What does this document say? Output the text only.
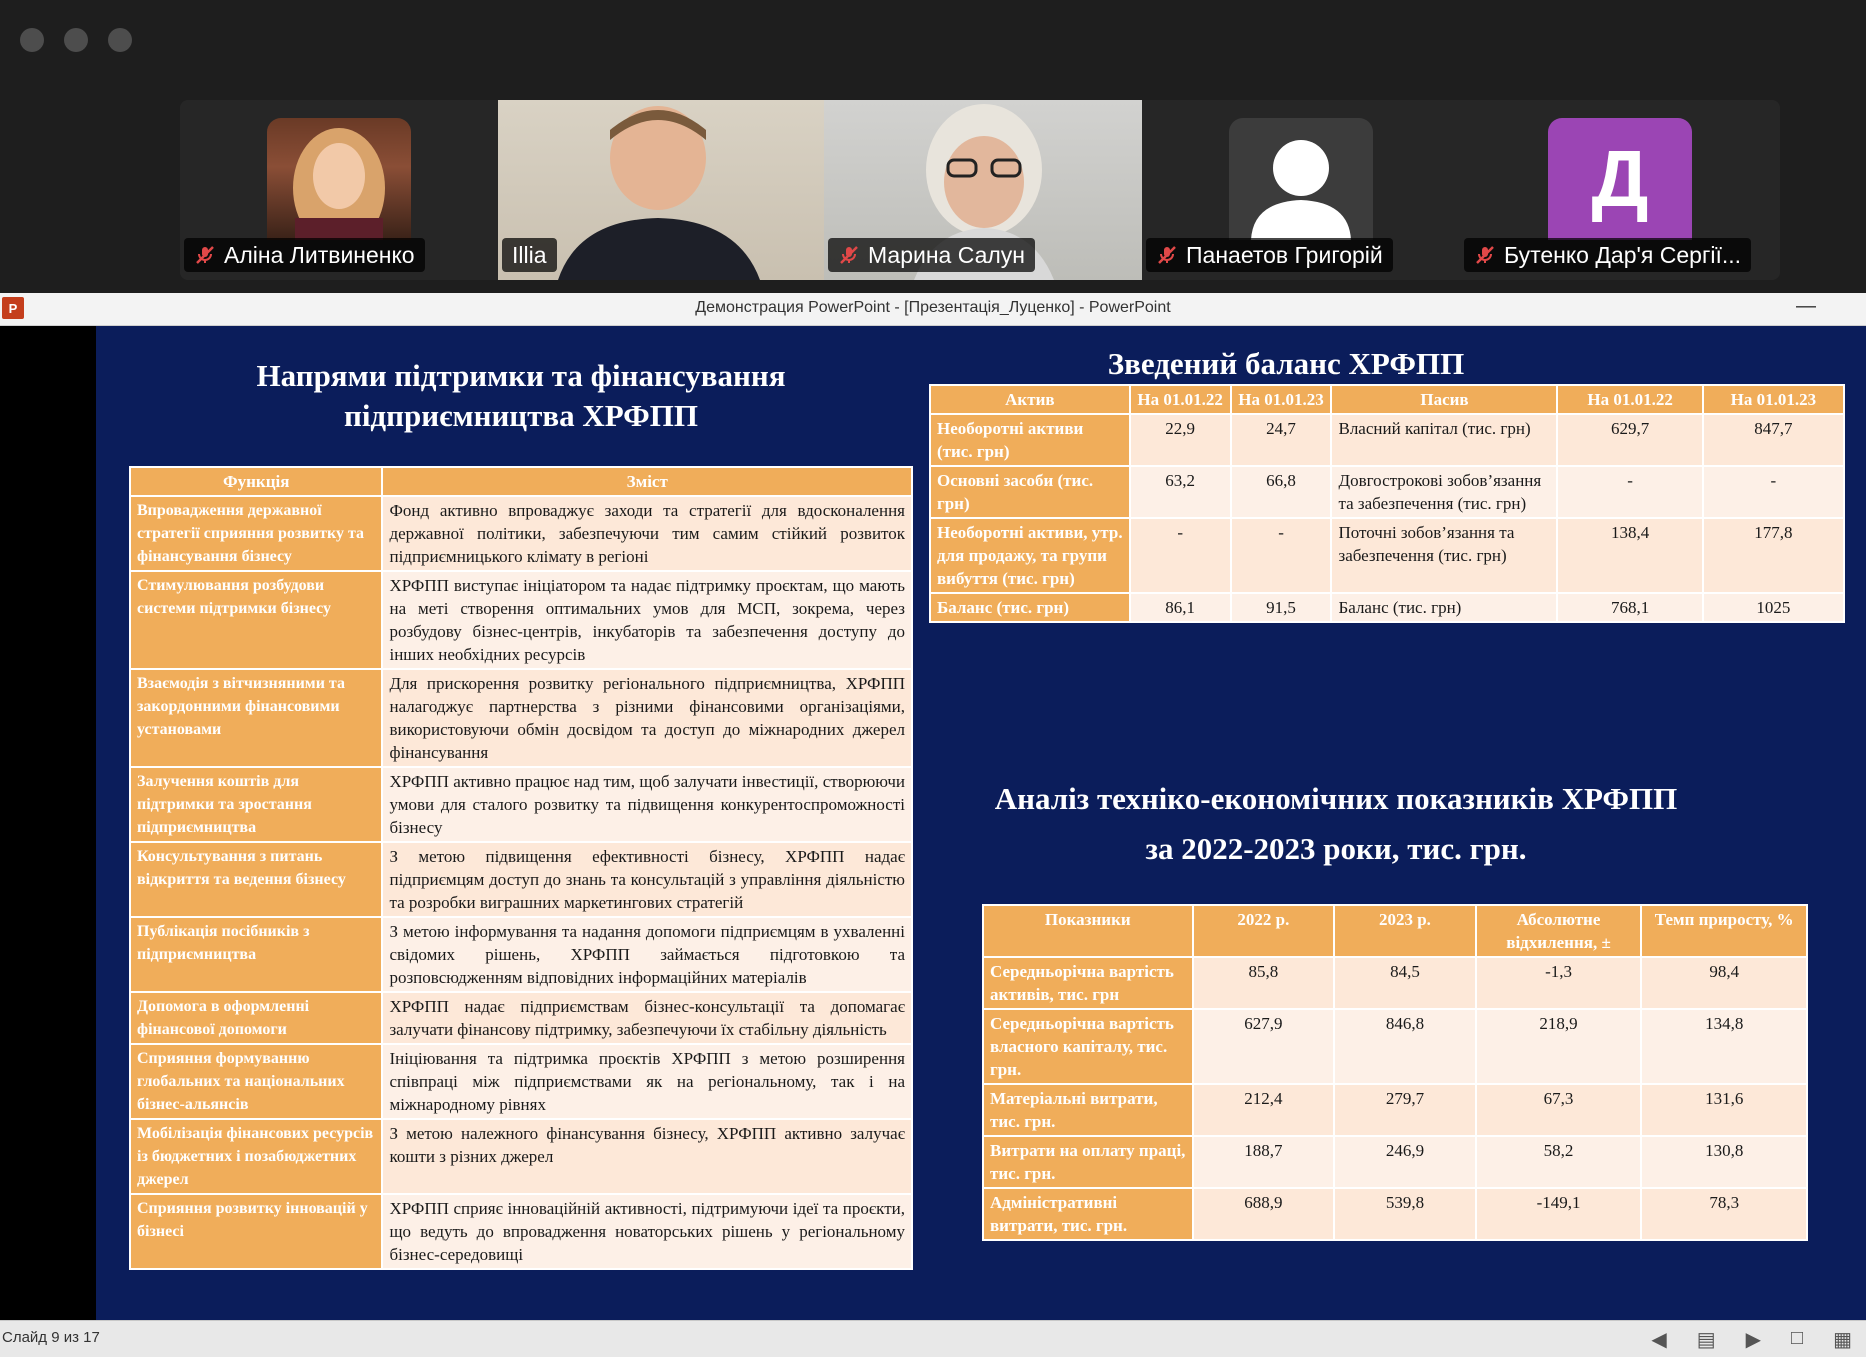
Аліна Литвиненко	Illia	Марина Салун	Панаетов Григорій
Д
Бутенко Дар'я Сергії...
P	Демонстрация PowerPoint - [Презентація_Луценко] - PowerPoint	—
Напрями підтримки та фінансування підприємництва ХРФПП
Функція	Зміст
Впровадження державної стратегії сприяння розвитку та фінансування бізнесу	Фонд активно впроваджує заходи та стратегії для вдосконалення державної політики, забезпечуючи тим самим стійкий розвиток підприємницького клімату в регіоні
Стимулювання розбудови системи підтримки бізнесу	ХРФПП виступає ініціатором та надає підтримку проєктам, що мають на меті створення оптимальних умов для МСП, зокрема, через розбудову бізнес-центрів, інкубаторів та забезпечення доступу до інших необхідних ресурсів
Взаємодія з вітчизняними та закордонними фінансовими установами	Для прискорення розвитку регіонального підприємництва, ХРФПП налагоджує партнерства з різними фінансовими організаціями, використовуючи обмін досвідом та доступ до міжнародних джерел фінансування
Залучення коштів для підтримки та зростання підприємництва	ХРФПП активно працює над тим, щоб залучати інвестиції, створюючи умови для сталого розвитку та підвищення конкурентоспроможності бізнесу
Консультування з питань відкриття та ведення бізнесу	З метою підвищення ефективності бізнесу, ХРФПП надає підприємцям доступ до знань та консультацій з управління діяльністю та розробки виграшних маркетингових стратегій
Публікація посібників з підприємництва	З метою інформування та надання допомоги підприємцям в ухваленні свідомих рішень, ХРФПП займається підготовкою та розповсюдженням відповідних інформаційних матеріалів
Допомога в оформленні фінансової допомоги	ХРФПП надає підприємствам бізнес-консультації та допомагає залучати фінансову підтримку, забезпечуючи їх стабільну діяльність
Сприяння формуванню глобальних та національних бізнес-альянсів	Ініціювання та підтримка проєктів ХРФПП з метою розширення співпраці між підприємствами як на регіональному, так і на міжнародному рівнях
Мобілізація фінансових ресурсів із бюджетних і позабюджетних джерел	З метою належного фінансування бізнесу, ХРФПП активно залучає кошти з різних джерел
Сприяння розвитку інновацій у бізнесі	ХРФПП сприяє інноваційній активності, підтримуючи ідеї та проєкти, що ведуть до впровадження новаторських рішень у регіональному бізнес-середовищі
Зведений баланс ХРФПП
Актив	На 01.01.22	На 01.01.23	Пасив	На 01.01.22	На 01.01.23
Необоротні активи (тис. грн)	22,9	24,7	Власний капітал (тис. грн)	629,7	847,7
Основні засоби (тис. грн)	63,2	66,8	Довгострокові зобов’язання та забезпечення (тис. грн)	-	-
Необоротні активи, утр. для продажу, та групи вибуття (тис. грн)	-	-	Поточні зобов’язання та забезпечення (тис. грн)	138,4	177,8
Баланс (тис. грн)	86,1	91,5	Баланс (тис. грн)	768,1	1025
Аналіз техніко-економічних показників ХРФПП за 2022-2023 роки, тис. грн.
Показники	2022 р.	2023 р.	Абсолютне відхилення, ±	Темп приросту, %
Середньорічна вартість активів, тис. грн	85,8	84,5	-1,3	98,4
Середньорічна вартість власного капіталу, тис. грн.	627,9	846,8	218,9	134,8
Матеріальні витрати, тис. грн.	212,4	279,7	67,3	131,6
Витрати на оплату праці, тис. грн.	188,7	246,9	58,2	130,8
Адміністративні витрати, тис. грн.	688,9	539,8	-149,1	78,3
Слайд 9 из 17	◀ ▤ ▶ □ ▦
